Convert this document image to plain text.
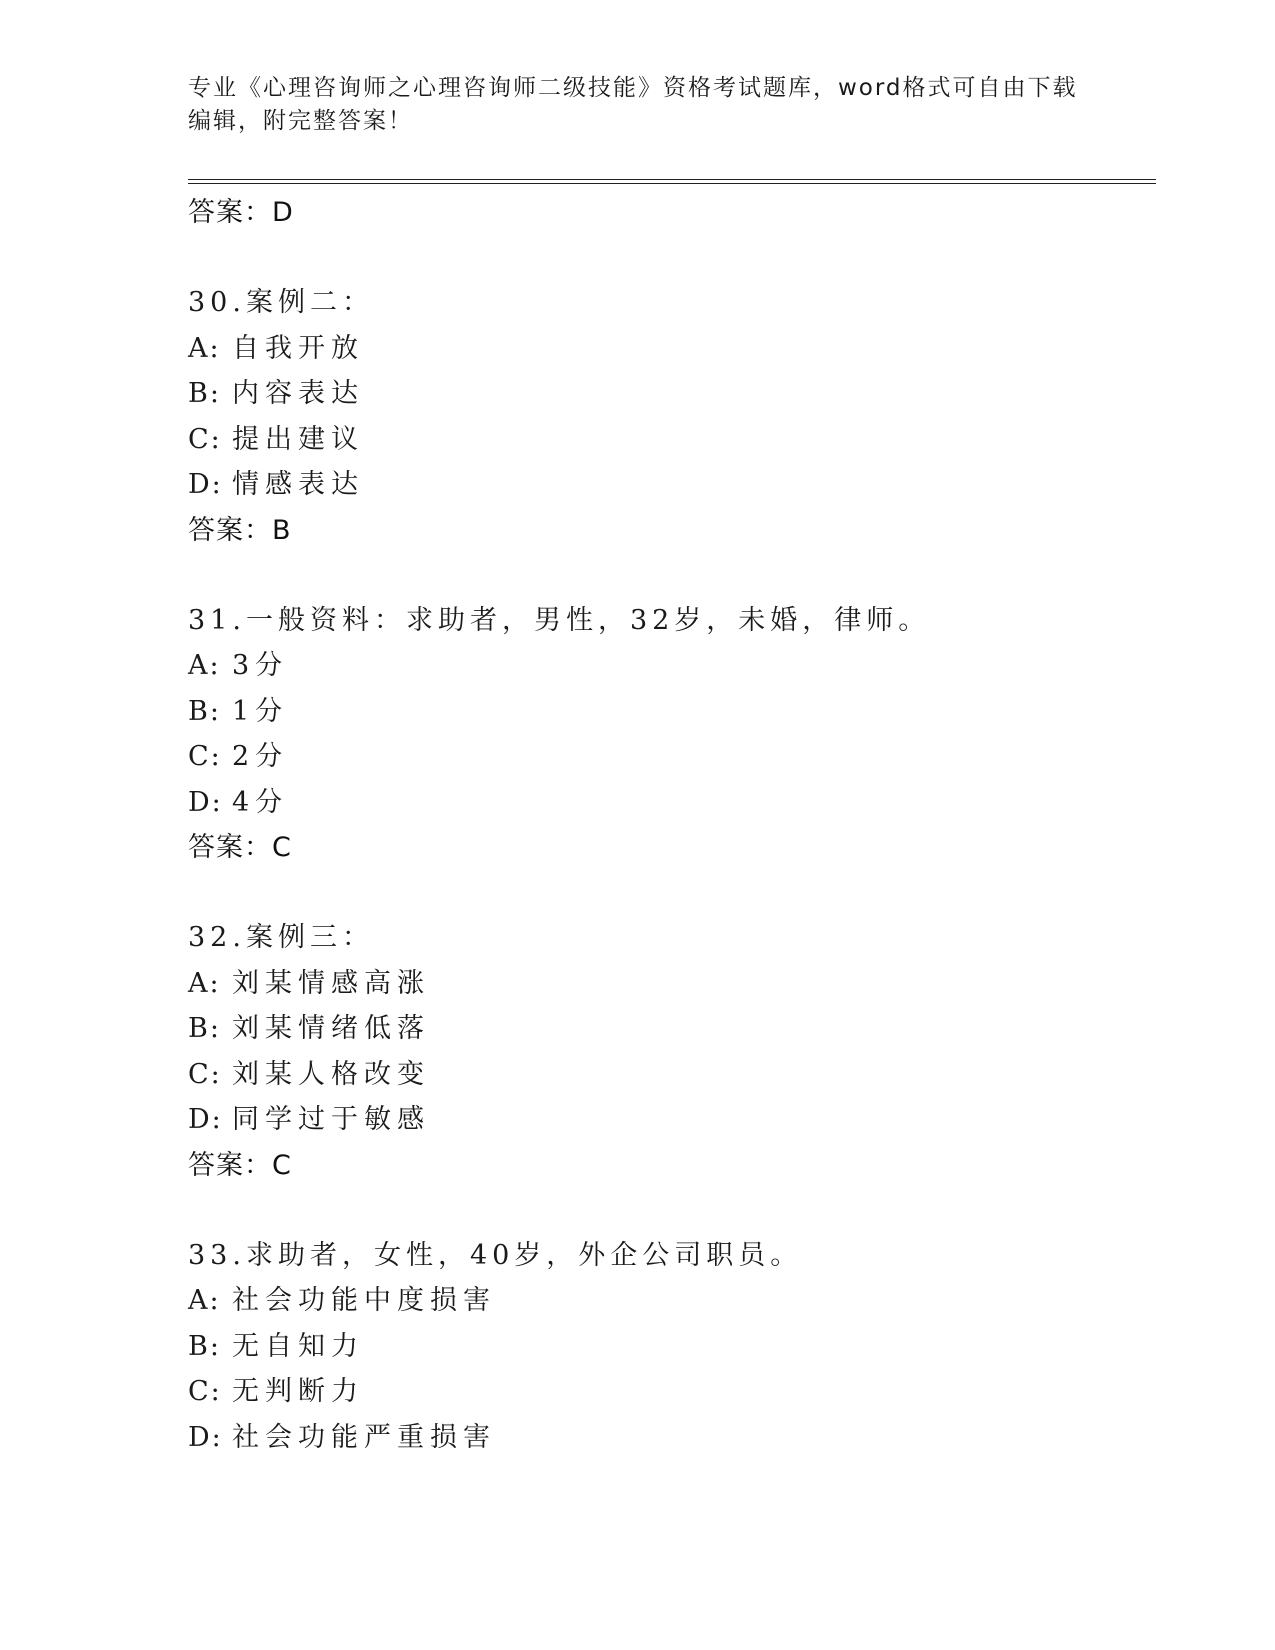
专业《心理咨询师之心理咨询师二级技能》资格考试题库，word格式可自由下载
编辑，附完整答案！
答案：D
30.案例二：
A: 自我开放
B: 内容表达
C: 提出建议
D: 情感表达
答案：B
31.一般资料：求助者，男性，32岁，未婚，律师。
A: 3分
B: 1分
C: 2分
D: 4分
答案：C
32.案例三：
A: 刘某情感高涨
B: 刘某情绪低落
C: 刘某人格改变
D: 同学过于敏感
答案：C
33.求助者，女性，40岁，外企公司职员。
A: 社会功能中度损害
B: 无自知力
C: 无判断力
D: 社会功能严重损害
